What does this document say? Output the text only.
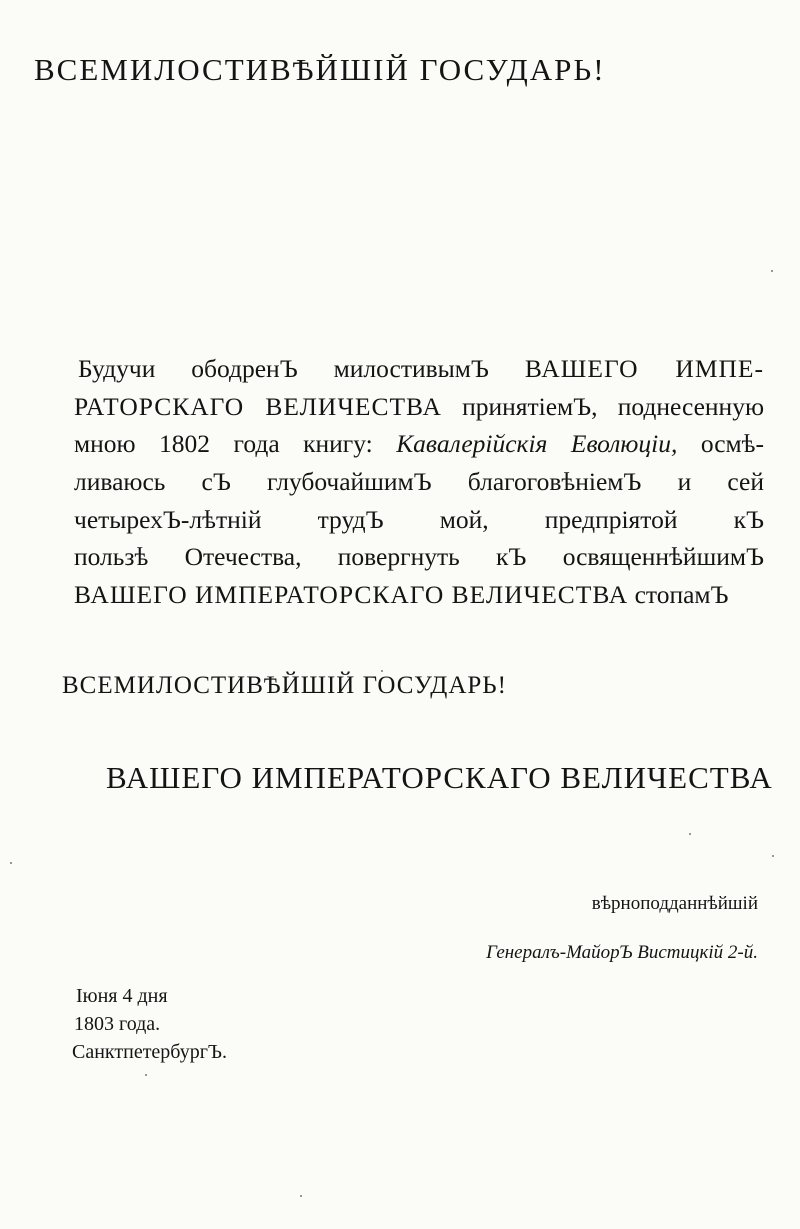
ВСЕМИЛОСТИВѢЙШІЙ ГОСУДАРЬ!
Будучи ободренЪ милостивымЪ ВАШЕГО ИМПЕ-
РАТОРСКАГО ВЕЛИЧЕСТВА принятіемЪ, поднесенную
мною 1802 года книгу: Кавалерійскія Еволюціи, осмѣ-
ливаюсь сЪ глубочайшимЪ благоговѣніемЪ и сей
четырехЪ-лѣтній трудЪ мой, предпріятой кЪ
пользѣ Отечества, повергнуть кЪ освященнѣйшимЪ
ВАШЕГО ИМПЕРАТОРСКАГО ВЕЛИЧЕСТВА стопамЪ
ВСЕМИЛОСТИВѢЙШІЙ ГОСУДАРЬ!
ВАШЕГО ИМПЕРАТОРСКАГО ВЕЛИЧЕСТВА
вѣрноподданнѣйшій
Генералъ-МайорЪ Вистицкій 2-й.
Іюня 4 дня
1803 года.
СанктпетербургЪ.
